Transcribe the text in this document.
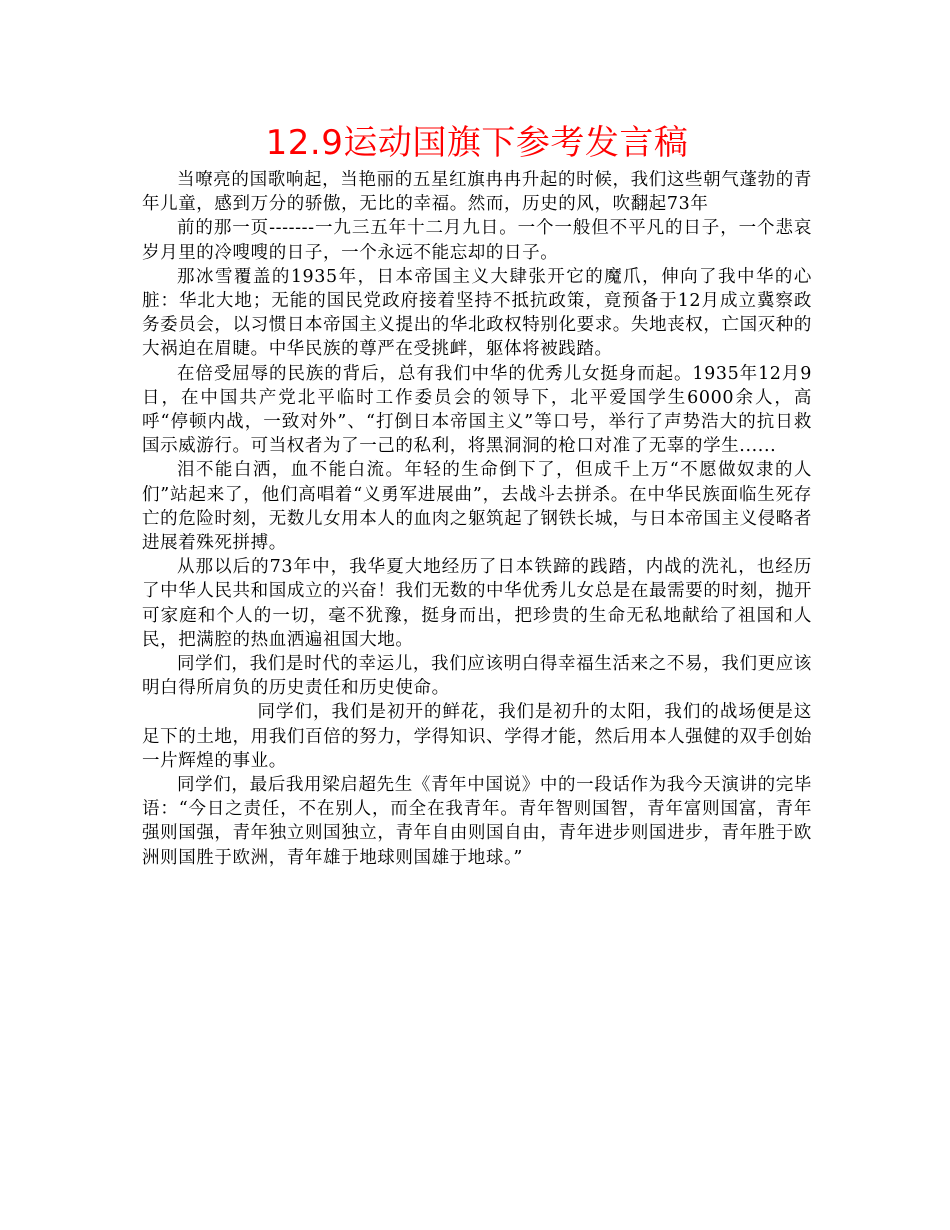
12.9运动国旗下参考发言稿

当嘹亮的国歌响起，当艳丽的五星红旗冉冉升起的时候，我们这些朝气蓬勃的青年儿童，感到万分的骄傲，无比的幸福。然而，历史的风，吹翻起73年

前的那一页-------一九三五年十二月九日。一个一般但不平凡的日子，一个悲哀岁月里的冷嗖嗖的日子，一个永远不能忘却的日子。

那冰雪覆盖的1935年，日本帝国主义大肆张开它的魔爪，伸向了我中华的心脏：华北大地；无能的国民党政府接着坚持不抵抗政策，竟预备于12月成立冀察政务委员会，以习惯日本帝国主义提出的华北政权特别化要求。失地丧权，亡国灭种的大祸迫在眉睫。中华民族的尊严在受挑衅，躯体将被践踏。

在倍受屈辱的民族的背后，总有我们中华的优秀儿女挺身而起。1935年12月9日，在中国共产党北平临时工作委员会的领导下，北平爱国学生6000余人，高呼“停顿内战，一致对外”、“打倒日本帝国主义”等口号，举行了声势浩大的抗日救国示威游行。可当权者为了一己的私利，将黑洞洞的枪口对准了无辜的学生......

泪不能白洒，血不能白流。年轻的生命倒下了，但成千上万“不愿做奴隶的人们”站起来了，他们高唱着“义勇军进展曲”，去战斗去拼杀。在中华民族面临生死存亡的危险时刻，无数儿女用本人的血肉之躯筑起了钢铁长城，与日本帝国主义侵略者进展着殊死拼搏。

从那以后的73年中，我华夏大地经历了日本铁蹄的践踏，内战的洗礼，也经历了中华人民共和国成立的兴奋！我们无数的中华优秀儿女总是在最需要的时刻，抛开可家庭和个人的一切，毫不犹豫，挺身而出，把珍贵的生命无私地献给了祖国和人民，把满腔的热血洒遍祖国大地。

同学们，我们是时代的幸运儿，我们应该明白得幸福生活来之不易，我们更应该明白得所肩负的历史责任和历史使命。

同学们，我们是初开的鲜花，我们是初升的太阳，我们的战场便是这足下的土地，用我们百倍的努力，学得知识、学得才能，然后用本人强健的双手创始一片辉煌的事业。

同学们，最后我用梁启超先生《青年中国说》中的一段话作为我今天演讲的完毕语：“今日之责任，不在别人，而全在我青年。青年智则国智，青年富则国富，青年强则国强，青年独立则国独立，青年自由则国自由，青年进步则国进步，青年胜于欧洲则国胜于欧洲，青年雄于地球则国雄于地球。”
